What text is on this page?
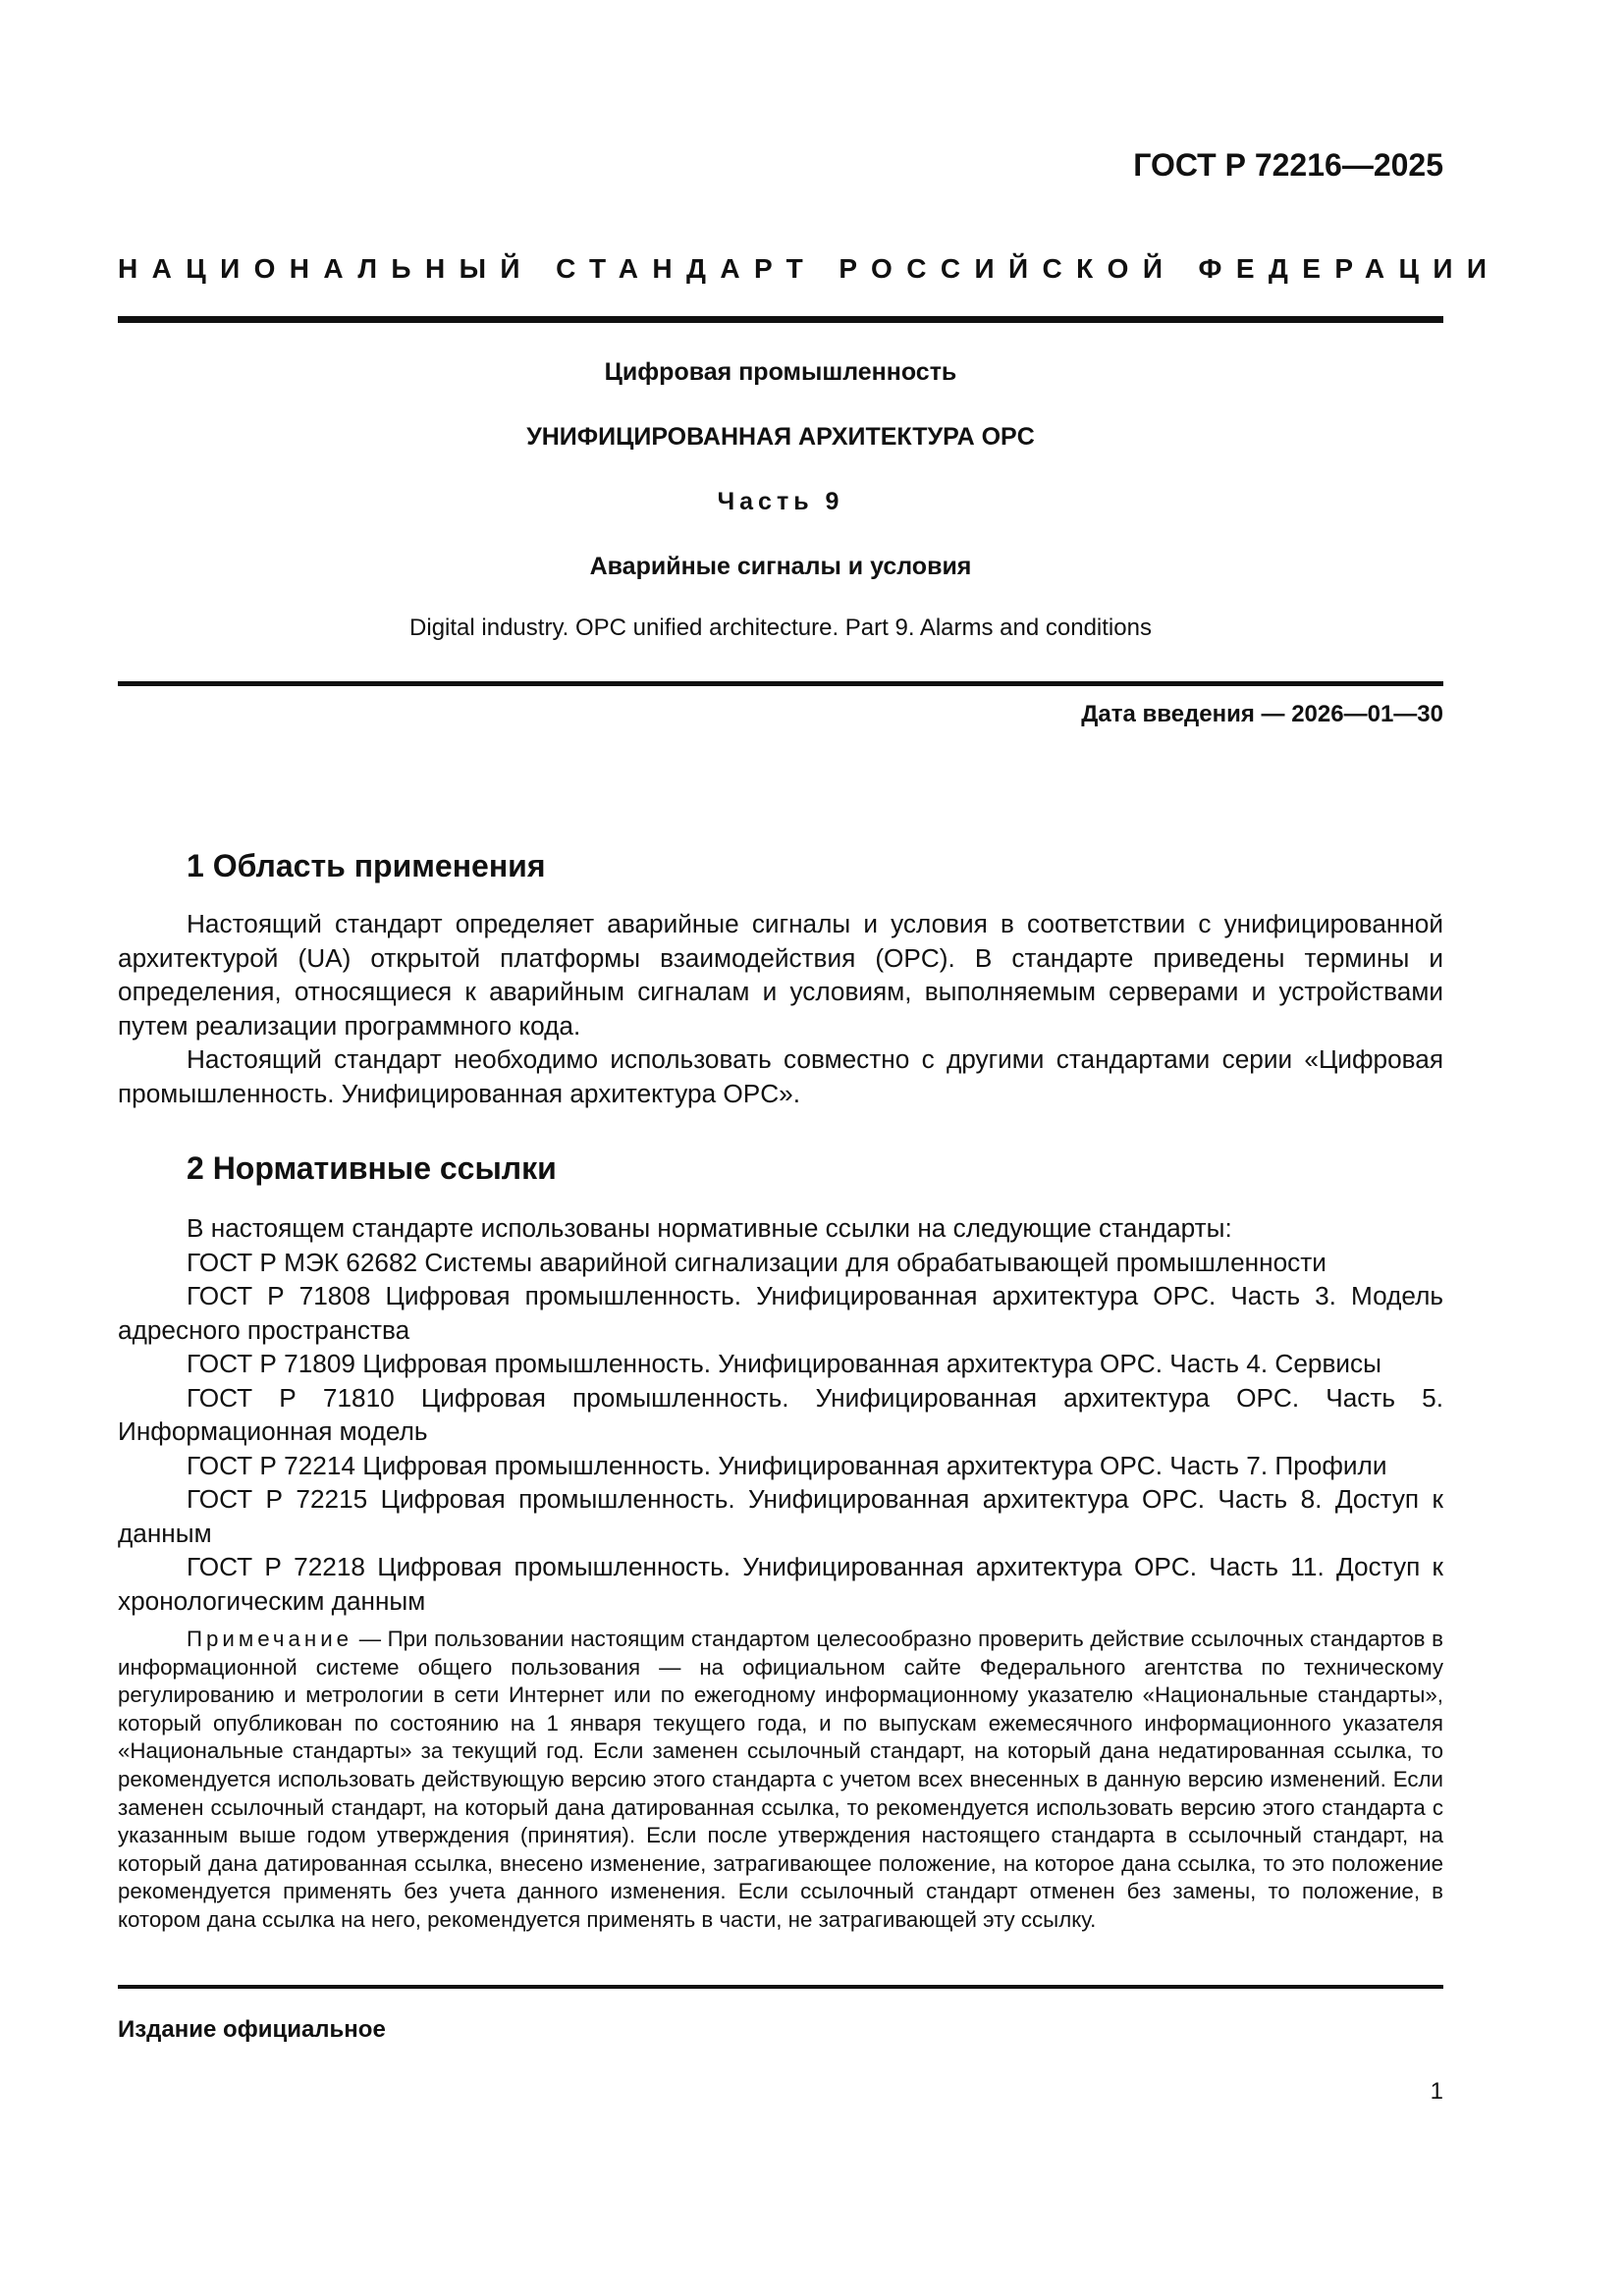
ГОСТ Р 72216—2025
НАЦИОНАЛЬНЫЙ СТАНДАРТ РОССИЙСКОЙ ФЕДЕРАЦИИ
Цифровая промышленность
УНИФИЦИРОВАННАЯ АРХИТЕКТУРА OPC
Часть 9
Аварийные сигналы и условия
Digital industry. OPC unified architecture. Part 9. Alarms and conditions
Дата введения — 2026—01—30
1 Область применения

Настоящий стандарт определяет аварийные сигналы и условия в соответствии с унифицированной архитектурой (UA) открытой платформы взаимодействия (OPC). В стандарте приведены термины и определения, относящиеся к аварийным сигналам и условиям, выполняемым серверами и устройствами путем реализации программного кода.

Настоящий стандарт необходимо использовать совместно с другими стандартами серии «Цифровая промышленность. Унифицированная архитектура OPC».

2 Нормативные ссылки

В настоящем стандарте использованы нормативные ссылки на следующие стандарты:

ГОСТ Р МЭК 62682 Системы аварийной сигнализации для обрабатывающей промышленности

ГОСТ Р 71808 Цифровая промышленность. Унифицированная архитектура OPC. Часть 3. Модель адресного пространства

ГОСТ Р 71809 Цифровая промышленность. Унифицированная архитектура OPC. Часть 4. Сервисы

ГОСТ Р 71810 Цифровая промышленность. Унифицированная архитектура OPC. Часть 5. Информационная модель

ГОСТ Р 72214 Цифровая промышленность. Унифицированная архитектура OPC. Часть 7. Профили

ГОСТ Р 72215 Цифровая промышленность. Унифицированная архитектура OPC. Часть 8. Доступ к данным

ГОСТ Р 72218 Цифровая промышленность. Унифицированная архитектура OPC. Часть 11. Доступ к хронологическим данным

Примечание — При пользовании настоящим стандартом целесообразно проверить действие ссылочных стандартов в информационной системе общего пользования — на официальном сайте Федерального агентства по техническому регулированию и метрологии в сети Интернет или по ежегодному информационному указателю «Национальные стандарты», который опубликован по состоянию на 1 января текущего года, и по выпускам ежемесячного информационного указателя «Национальные стандарты» за текущий год. Если заменен ссылочный стандарт, на который дана недатированная ссылка, то рекомендуется использовать действующую версию этого стандарта с учетом всех внесенных в данную версию изменений. Если заменен ссылочный стандарт, на который дана датированная ссылка, то рекомендуется использовать версию этого стандарта с указанным выше годом утверждения (принятия). Если после утверждения настоящего стандарта в ссылочный стандарт, на который дана датированная ссылка, внесено изменение, затрагивающее положение, на которое дана ссылка, то это положение рекомендуется применять без учета данного изменения. Если ссылочный стандарт отменен без замены, то положение, в котором дана ссылка на него, рекомендуется применять в части, не затрагивающей эту ссылку.

Издание официальное
1
